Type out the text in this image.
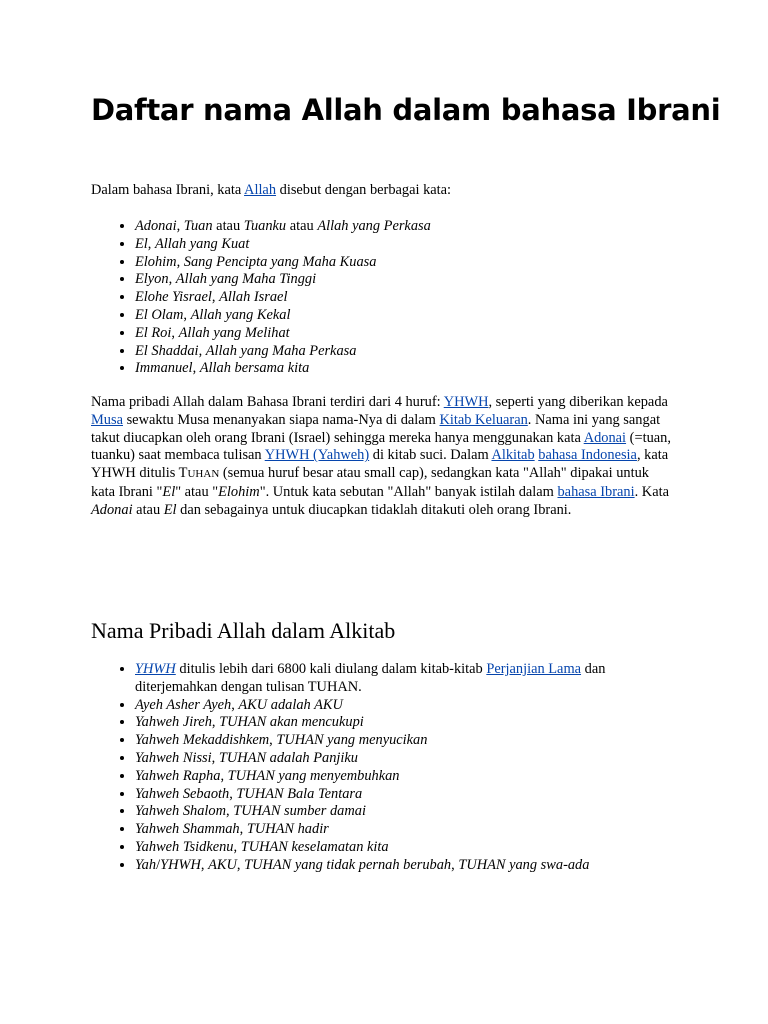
Daftar nama Allah dalam bahasa Ibrani

Dalam bahasa Ibrani, kata Allah disebut dengan berbagai kata:

• Adonai, Tuan atau Tuanku atau Allah yang Perkasa
• El, Allah yang Kuat
• Elohim, Sang Pencipta yang Maha Kuasa
• Elyon, Allah yang Maha Tinggi
• Elohe Yisrael, Allah Israel
• El Olam, Allah yang Kekal
• El Roi, Allah yang Melihat
• El Shaddai, Allah yang Maha Perkasa
• Immanuel, Allah bersama kita

Nama pribadi Allah dalam Bahasa Ibrani terdiri dari 4 huruf: YHWH, seperti yang diberikan kepada Musa sewaktu Musa menanyakan siapa nama-Nya di dalam Kitab Keluaran. Nama ini yang sangat takut diucapkan oleh orang Ibrani (Israel) sehingga mereka hanya menggunakan kata Adonai (=tuan, tuanku) saat membaca tulisan YHWH (Yahweh) di kitab suci. Dalam Alkitab bahasa Indonesia, kata YHWH ditulis TUHAN (semua huruf besar atau small cap), sedangkan kata "Allah" dipakai untuk kata Ibrani "El" atau "Elohim". Untuk kata sebutan "Allah" banyak istilah dalam bahasa Ibrani. Kata Adonai atau El dan sebagainya untuk diucapkan tidaklah ditakuti oleh orang Ibrani.

Nama Pribadi Allah dalam Alkitab
• YHWH ditulis lebih dari 6800 kali diulang dalam kitab-kitab Perjanjian Lama dan
diterjemahkan dengan tulisan TUHAN.
• Ayeh Asher Ayeh, AKU adalah AKU
• Yahweh Jireh, TUHAN akan mencukupi
• Yahweh Mekaddishkem, TUHAN yang menyucikan
• Yahweh Nissi, TUHAN adalah Panjiku
• Yahweh Rapha, TUHAN yang menyembuhkan
• Yahweh Sebaoth, TUHAN Bala Tentara
• Yahweh Shalom, TUHAN sumber damai
• Yahweh Shammah, TUHAN hadir
• Yahweh Tsidkenu, TUHAN keselamatan kita
• Yah/YHWH, AKU, TUHAN yang tidak pernah berubah, TUHAN yang swa-ada
